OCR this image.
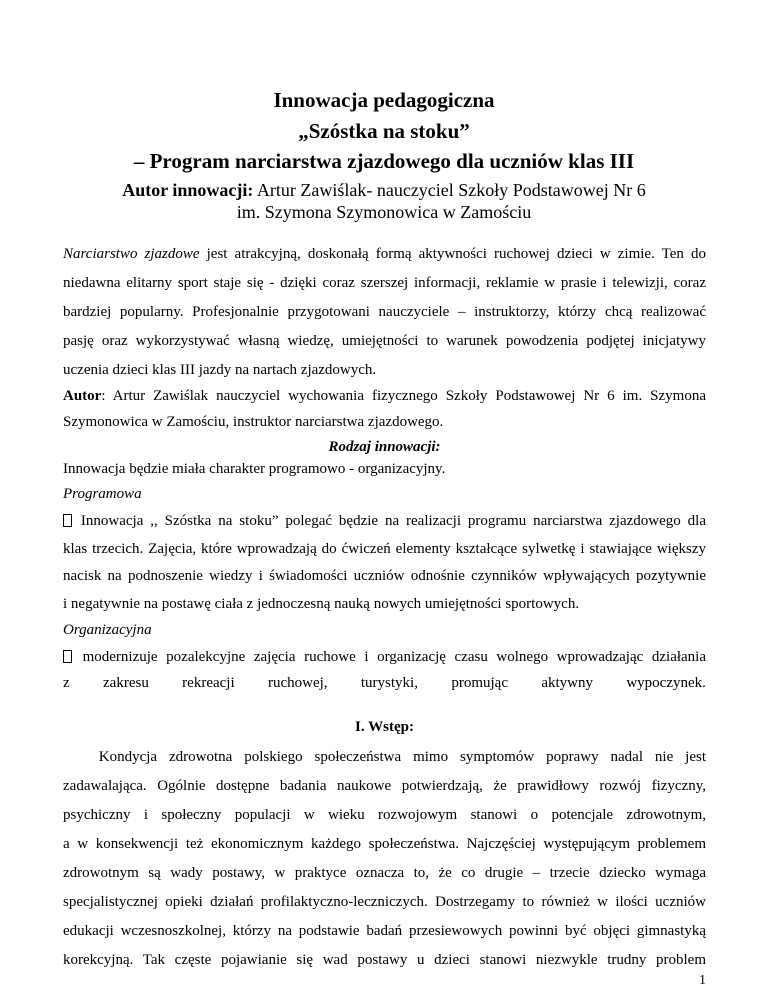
Innowacja pedagogiczna
„Szóstka na stoku”
– Program narciarstwa zjazdowego dla uczniów klas III
Autor innowacji: Artur Zawiślak- nauczyciel Szkoły Podstawowej Nr 6
im. Szymona Szymonowica w Zamościu
Narciarstwo zjazdowe jest atrakcyjną, doskonałą formą aktywności ruchowej dzieci w zimie. Ten do
niedawna elitarny sport staje się - dzięki coraz szerszej informacji, reklamie w prasie i telewizji, coraz
bardziej popularny. Profesjonalnie przygotowani nauczyciele – instruktorzy, którzy chcą realizować
pasję oraz wykorzystywać własną wiedzę, umiejętności to warunek powodzenia podjętej inicjatywy
uczenia dzieci klas III jazdy na nartach zjazdowych.
Autor: Artur Zawiślak nauczyciel wychowania fizycznego Szkoły Podstawowej Nr 6 im. Szymona
Szymonowica w Zamościu, instruktor narciarstwa zjazdowego.
Rodzaj innowacji:
Innowacja będzie miała charakter programowo - organizacyjny.
Programowa
Innowacja ,, Szóstka na stoku” polegać będzie na realizacji programu narciarstwa zjazdowego dla
klas trzecich. Zajęcia, które wprowadzają do ćwiczeń elementy kształcące sylwetkę i stawiające większy
nacisk na podnoszenie wiedzy i świadomości uczniów odnośnie czynników wpływających pozytywnie
i negatywnie na postawę ciała z jednoczesną nauką nowych umiejętności sportowych.
Organizacyjna
modernizuje pozalekcyjne zajęcia ruchowe i organizację czasu wolnego wprowadzając działania
z zakresu rekreacji ruchowej, turystyki, promując aktywny wypoczynek.
I. Wstęp:
Kondycja zdrowotna polskiego społeczeństwa mimo symptomów poprawy nadal nie jest
zadawalająca. Ogólnie dostępne badania naukowe potwierdzają, że prawidłowy rozwój fizyczny,
psychiczny i społeczny populacji w wieku rozwojowym stanowi o potencjale zdrowotnym,
a w konsekwencji też ekonomicznym każdego społeczeństwa. Najczęściej występującym problemem
zdrowotnym są wady postawy, w praktyce oznacza to, że co drugie – trzecie dziecko wymaga
specjalistycznej opieki działań profilaktyczno-leczniczych. Dostrzegamy to również w ilości uczniów
edukacji wczesnoszkolnej, którzy na podstawie badań przesiewowych powinni być objęci gimnastyką
korekcyjną. Tak częste pojawianie się wad postawy u dzieci stanowi niezwykle trudny problem
1
